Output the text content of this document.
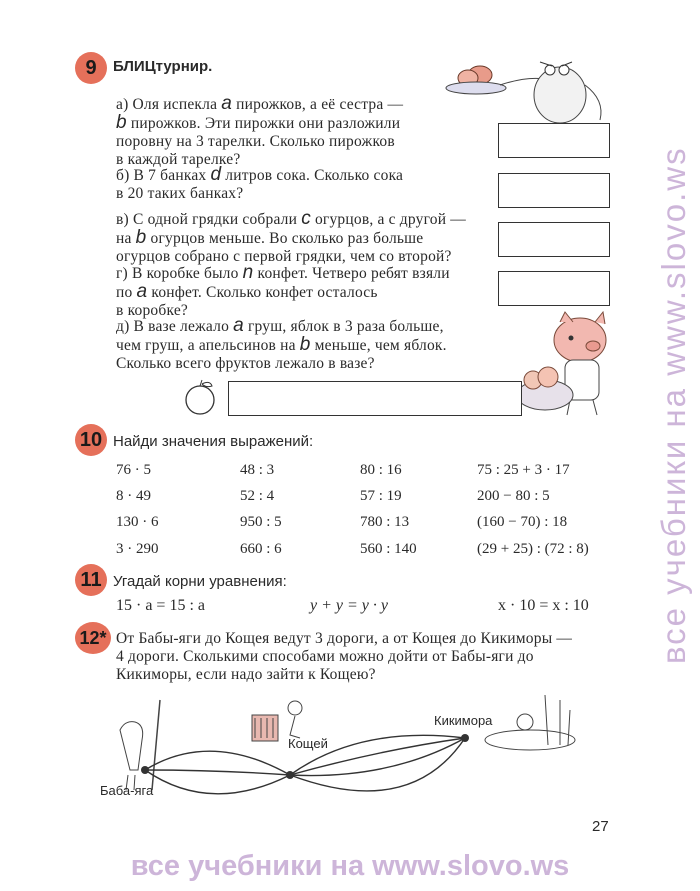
все учебники на www.slovo.ws
9	БЛИЦтурнир.
а) Оля испекла a пирожков, а её сестра —
b пирожков. Эти пирожки они разложили
поровну на 3 тарелки. Сколько пирожков
в каждой тарелке?
б) В 7 банках d литров сока. Сколько сока
в 20 таких банках?
в) С одной грядки собрали c огурцов, а с другой —
на b огурцов меньше. Во сколько раз больше
огурцов собрано с первой грядки, чем со второй?
г) В коробке было n конфет. Четверо ребят взяли
по a конфет. Сколько конфет осталось
в коробке?
д) В вазе лежало a груш, яблок в 3 раза больше,
чем груш, а апельсинов на b меньше, чем яблок.
Сколько всего фруктов лежало в вазе?
10 Найди значения выражений:
76 · 5	48 : 3	80 : 16	75 : 25 + 3 · 17
8 · 49	52 : 4	57 : 19	200 − 80 : 5
130 · 6	950 : 5	780 : 13	(160 − 70) : 18
3 · 290	660 : 6	560 : 140	(29 + 25) : (72 : 8)
11 Угадай корни уравнения:
15 · a = 15 : a	y + y = y · y	x · 10 = x : 10
12* От Бабы-яги до Кощея ведут 3 дороги, а от Кощея до Кикиморы —
4 дороги. Сколькими способами можно дойти от Бабы-яги до
Кикиморы, если надо зайти к Кощею?
Баба-яга
Кощей
Кикимора
27
все учебники на www.slovo.ws
